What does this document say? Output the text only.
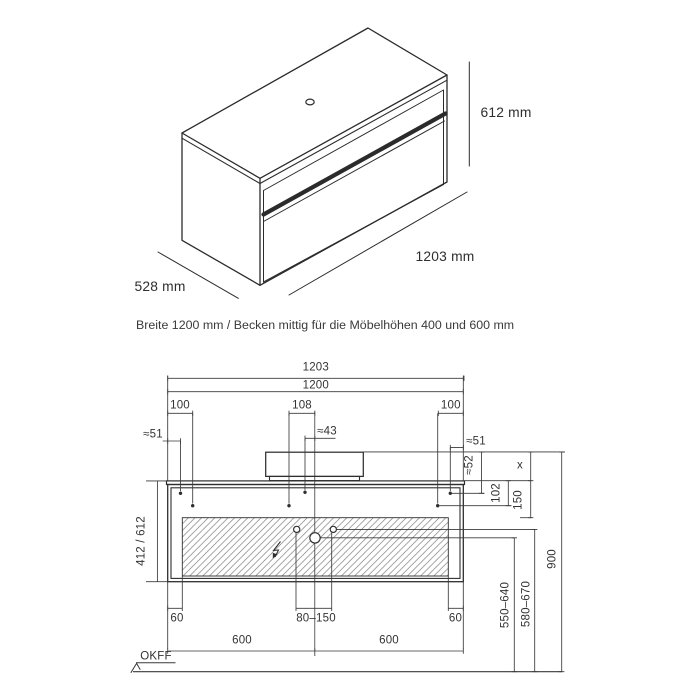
612 mm
1203 mm
528 mm
Breite 1200 mm / Becken mittig für die Möbelhöhen 400 und 600 mm
1203
1200
100	108	100
≈51	≈43
≈51
≈52	x
102 150
900
550–640 580–670
412 / 612
60	80–150	60
600	600
OKFF
